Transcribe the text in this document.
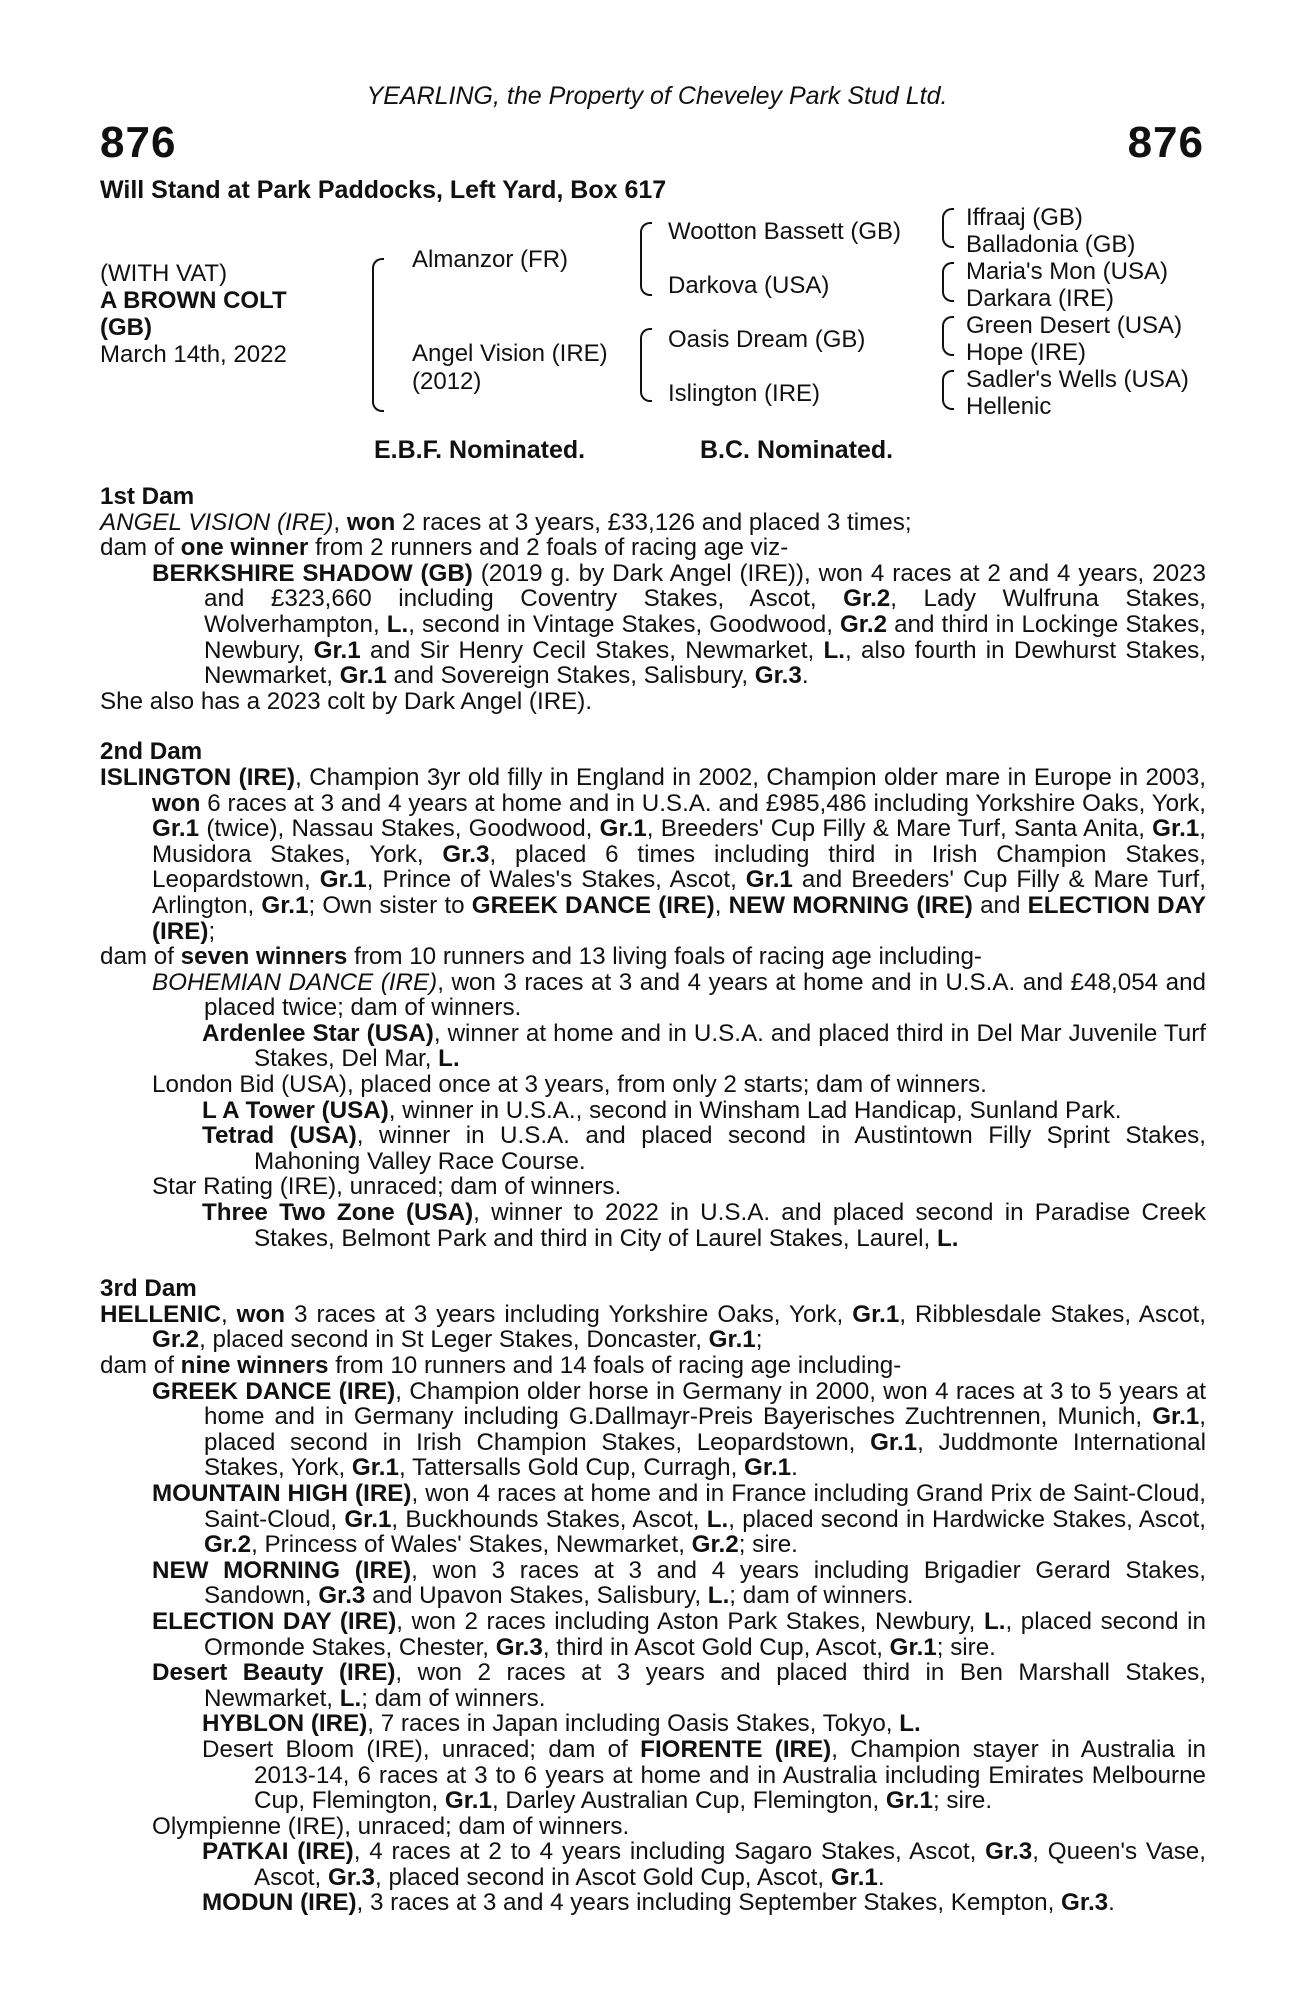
YEARLING, the Property of Cheveley Park Stud Ltd.
876	876
Will Stand at Park Paddocks, Left Yard, Box 617
(WITH VAT)
A BROWN COLT
(GB)
March 14th, 2022
Almanzor (FR)
Angel Vision (IRE)
(2012)
Wootton Bassett (GB)
Darkova (USA)
Oasis Dream (GB)
Islington (IRE)
Iffraaj (GB)
Balladonia (GB)
Maria's Mon (USA)
Darkara (IRE)
Green Desert (USA)
Hope (IRE)
Sadler's Wells (USA)
Hellenic
E.B.F. Nominated.	B.C. Nominated.
1st Dam
ANGEL VISION (IRE), won 2 races at 3 years, £33,126 and placed 3 times;
dam of one winner from 2 runners and 2 foals of racing age viz-
BERKSHIRE SHADOW (GB) (2019 g. by Dark Angel (IRE)), won 4 races at 2 and 4 years, 2023 and £323,660 including Coventry Stakes, Ascot, Gr.2, Lady Wulfruna Stakes, Wolverhampton, L., second in Vintage Stakes, Goodwood, Gr.2 and third in Lockinge Stakes, Newbury, Gr.1 and Sir Henry Cecil Stakes, Newmarket, L., also fourth in Dewhurst Stakes, Newmarket, Gr.1 and Sovereign Stakes, Salisbury, Gr.3.
She also has a 2023 colt by Dark Angel (IRE).
2nd Dam
ISLINGTON (IRE), Champion 3yr old filly in England in 2002, Champion older mare in Europe in 2003, won 6 races at 3 and 4 years at home and in U.S.A. and £985,486 including Yorkshire Oaks, York, Gr.1 (twice), Nassau Stakes, Goodwood, Gr.1, Breeders' Cup Filly & Mare Turf, Santa Anita, Gr.1, Musidora Stakes, York, Gr.3, placed 6 times including third in Irish Champion Stakes, Leopardstown, Gr.1, Prince of Wales's Stakes, Ascot, Gr.1 and Breeders' Cup Filly & Mare Turf, Arlington, Gr.1; Own sister to GREEK DANCE (IRE), NEW MORNING (IRE) and ELECTION DAY (IRE);
dam of seven winners from 10 runners and 13 living foals of racing age including-
BOHEMIAN DANCE (IRE), won 3 races at 3 and 4 years at home and in U.S.A. and £48,054 and placed twice; dam of winners.
Ardenlee Star (USA), winner at home and in U.S.A. and placed third in Del Mar Juvenile Turf Stakes, Del Mar, L.
London Bid (USA), placed once at 3 years, from only 2 starts; dam of winners.
L A Tower (USA), winner in U.S.A., second in Winsham Lad Handicap, Sunland Park.
Tetrad (USA), winner in U.S.A. and placed second in Austintown Filly Sprint Stakes, Mahoning Valley Race Course.
Star Rating (IRE), unraced; dam of winners.
Three Two Zone (USA), winner to 2022 in U.S.A. and placed second in Paradise Creek Stakes, Belmont Park and third in City of Laurel Stakes, Laurel, L.
3rd Dam
HELLENIC, won 3 races at 3 years including Yorkshire Oaks, York, Gr.1, Ribblesdale Stakes, Ascot, Gr.2, placed second in St Leger Stakes, Doncaster, Gr.1;
dam of nine winners from 10 runners and 14 foals of racing age including-
GREEK DANCE (IRE), Champion older horse in Germany in 2000, won 4 races at 3 to 5 years at home and in Germany including G.Dallmayr-Preis Bayerisches Zuchtrennen, Munich, Gr.1, placed second in Irish Champion Stakes, Leopardstown, Gr.1, Juddmonte International Stakes, York, Gr.1, Tattersalls Gold Cup, Curragh, Gr.1.
MOUNTAIN HIGH (IRE), won 4 races at home and in France including Grand Prix de Saint-Cloud, Saint-Cloud, Gr.1, Buckhounds Stakes, Ascot, L., placed second in Hardwicke Stakes, Ascot, Gr.2, Princess of Wales' Stakes, Newmarket, Gr.2; sire.
NEW MORNING (IRE), won 3 races at 3 and 4 years including Brigadier Gerard Stakes, Sandown, Gr.3 and Upavon Stakes, Salisbury, L.; dam of winners.
ELECTION DAY (IRE), won 2 races including Aston Park Stakes, Newbury, L., placed second in Ormonde Stakes, Chester, Gr.3, third in Ascot Gold Cup, Ascot, Gr.1; sire.
Desert Beauty (IRE), won 2 races at 3 years and placed third in Ben Marshall Stakes, Newmarket, L.; dam of winners.
HYBLON (IRE), 7 races in Japan including Oasis Stakes, Tokyo, L.
Desert Bloom (IRE), unraced; dam of FIORENTE (IRE), Champion stayer in Australia in 2013-14, 6 races at 3 to 6 years at home and in Australia including Emirates Melbourne Cup, Flemington, Gr.1, Darley Australian Cup, Flemington, Gr.1; sire.
Olympienne (IRE), unraced; dam of winners.
PATKAI (IRE), 4 races at 2 to 4 years including Sagaro Stakes, Ascot, Gr.3, Queen's Vase, Ascot, Gr.3, placed second in Ascot Gold Cup, Ascot, Gr.1.
MODUN (IRE), 3 races at 3 and 4 years including September Stakes, Kempton, Gr.3.
